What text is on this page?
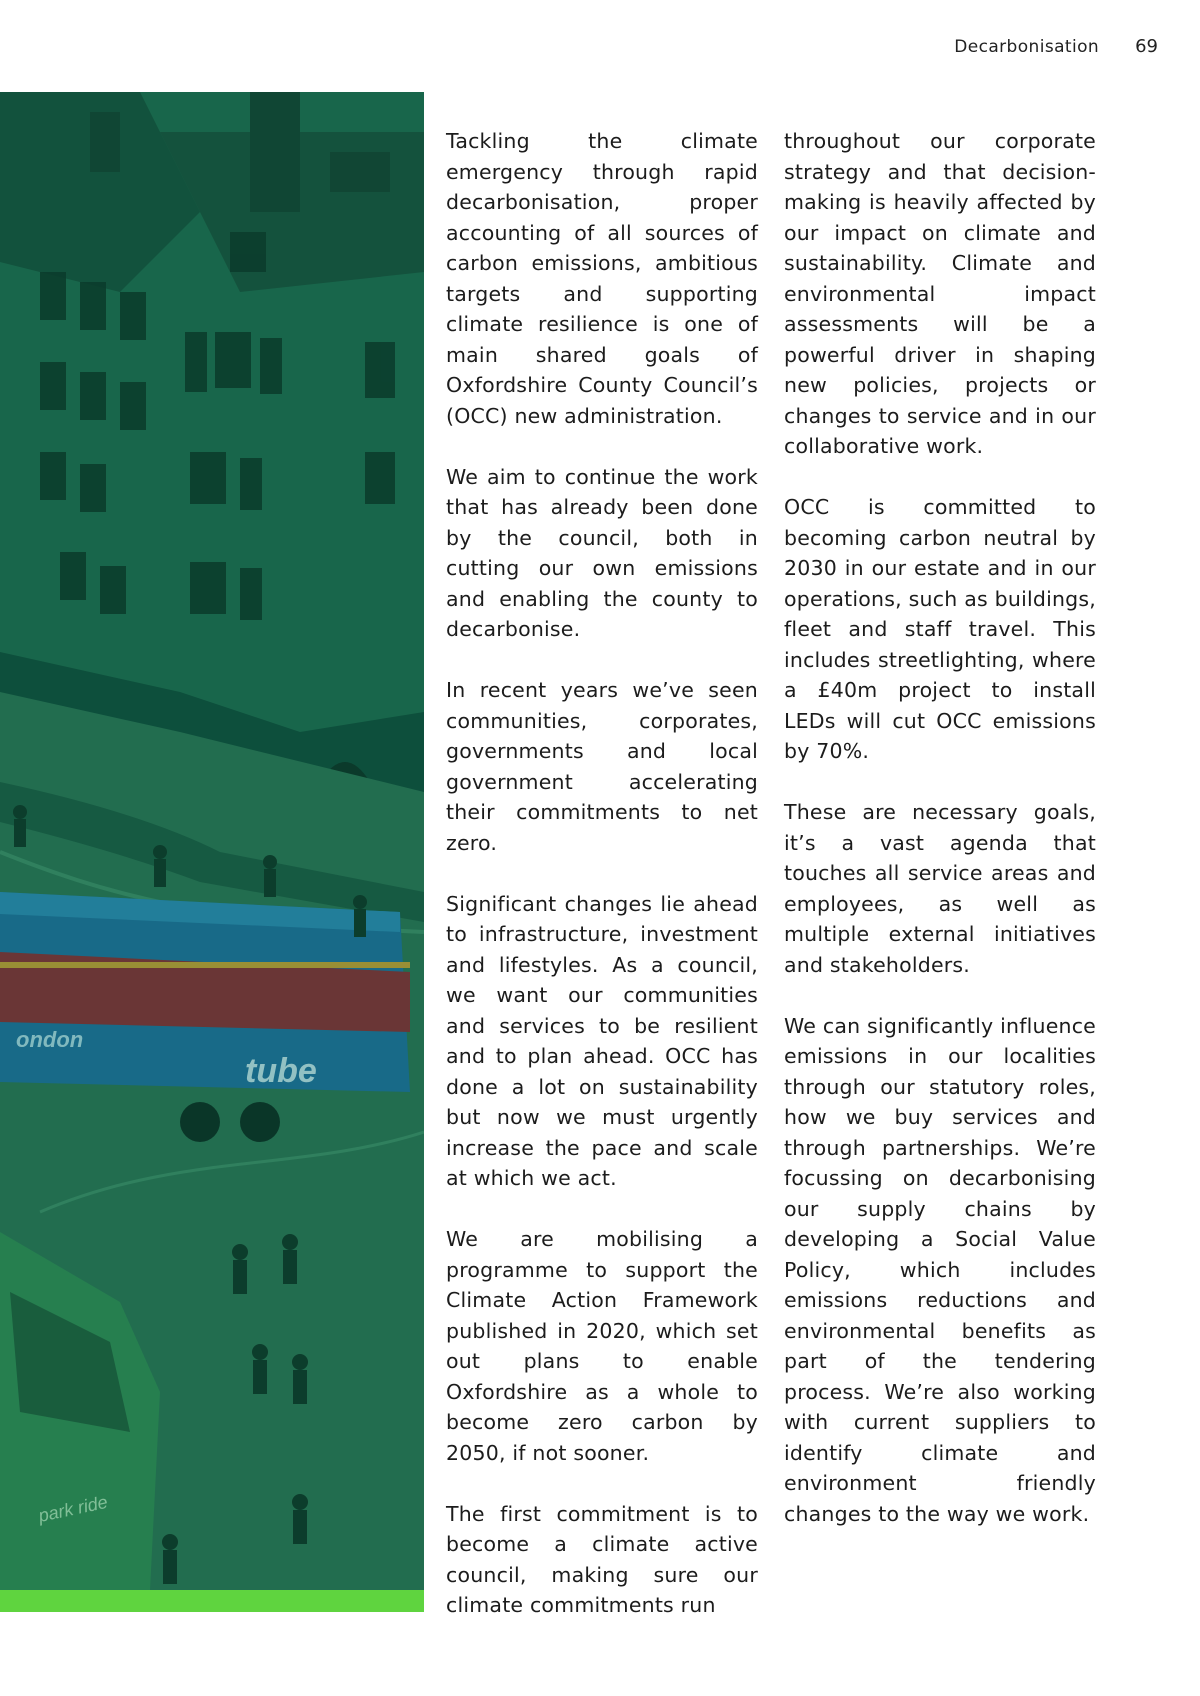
Decarbonisation 69
ondon
tube
park ride

Tackling the climate emergency through rapid decarbonisation, proper accounting of all sources of carbon emissions, ambitious targets and supporting climate resilience is one of main shared goals of Oxfordshire County Council’s (OCC) new administration.

We aim to continue the work that has already been done by the council, both in cutting our own emissions and enabling the county to decarbonise.

In recent years we’ve seen communities, corporates, governments and local government accelerating their commitments to net zero.

Significant changes lie ahead to infrastructure, investment and lifestyles. As a council, we want our communities and services to be resilient and to plan ahead. OCC has done a lot on sustainability but now we must urgently increase the pace and scale at which we act.

We are mobilising a programme to support the Climate Action Framework published in 2020, which set out plans to enable Oxfordshire as a whole to become zero carbon by 2050, if not sooner.

The first commitment is to become a climate active council, making sure our climate commitments run

throughout our corporate strategy and that decision-making is heavily affected by our impact on climate and sustainability. Climate and environmental impact assessments will be a powerful driver in shaping new policies, projects or changes to service and in our collaborative work.

OCC is committed to becoming carbon neutral by 2030 in our estate and in our operations, such as buildings, fleet and staff travel. This includes streetlighting, where a £40m project to install LEDs will cut OCC emissions by 70%.

These are necessary goals, it’s a vast agenda that touches all service areas and employees, as well as multiple external initiatives and stakeholders.

We can significantly influence emissions in our localities through our statutory roles, how we buy services and through partnerships. We’re focussing on decarbonising our supply chains by developing a Social Value Policy, which includes emissions reductions and environmental benefits as part of the tendering process. We’re also working with current suppliers to identify climate and environment friendly changes to the way we work.
